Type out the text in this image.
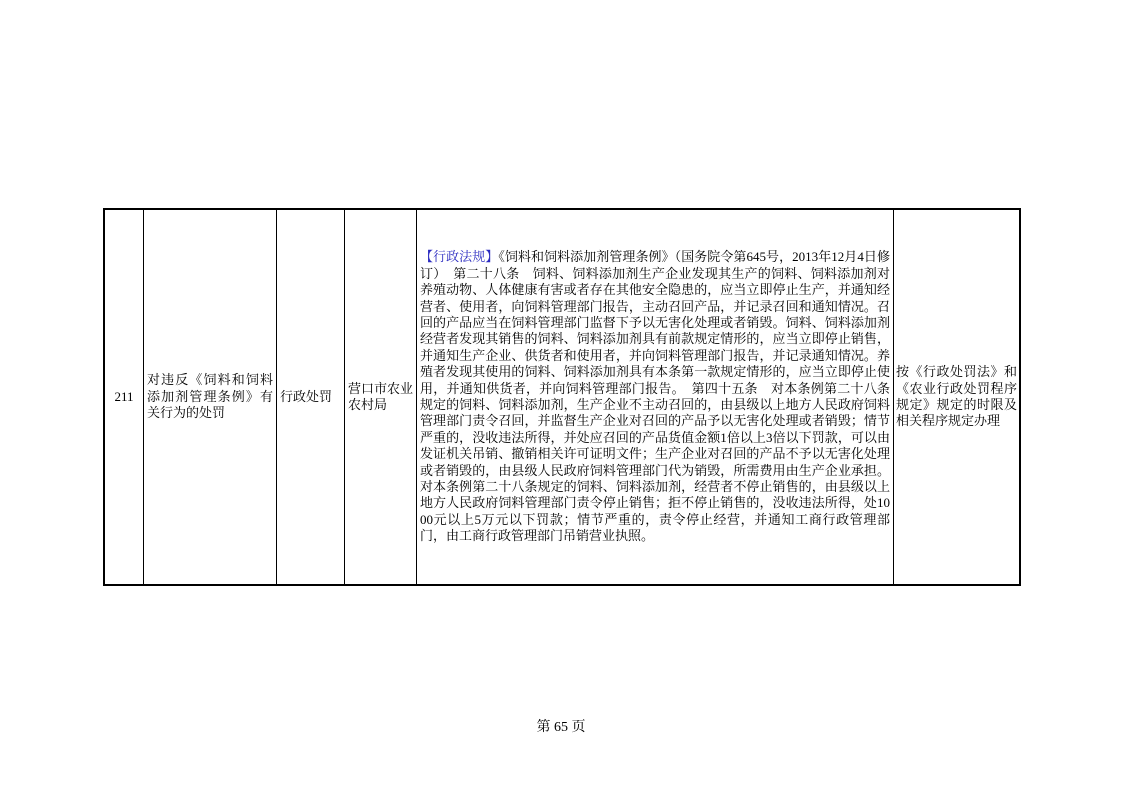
211
对违反《饲料和饲料添加剂管理条例》有关行为的处罚
行政处罚
营口市农业农村局

【行政法规】《饲料和饲料添加剂管理条例》（国务院令第645号，2013年12月4日修订）　第二十八条　饲料、饲料添加剂生产企业发现其生产的饲料、饲料添加剂对养殖动物、人体健康有害或者存在其他安全隐患的，应当立即停止生产，并通知经营者、使用者，向饲料管理部门报告，主动召回产品，并记录召回和通知情况。召回的产品应当在饲料管理部门监督下予以无害化处理或者销毁。饲料、饲料添加剂经营者发现其销售的饲料、饲料添加剂具有前款规定情形的，应当立即停止销售，并通知生产企业、供货者和使用者，并向饲料管理部门报告，并记录通知情况。养殖者发现其使用的饲料、饲料添加剂具有本条第一款规定情形的，应当立即停止使用，并通知供货者，并向饲料管理部门报告。　第四十五条　对本条例第二十八条规定的饲料、饲料添加剂，生产企业不主动召回的，由县级以上地方人民政府饲料管理部门责令召回，并监督生产企业对召回的产品予以无害化处理或者销毁；情节严重的，没收违法所得，并处应召回的产品货值金额1倍以上3倍以下罚款，可以由发证机关吊销、撤销相关许可证明文件；生产企业对召回的产品不予以无害化处理或者销毁的，由县级人民政府饲料管理部门代为销毁，所需费用由生产企业承担。对本条例第二十八条规定的饲料、饲料添加剂，经营者不停止销售的，由县级以上地方人民政府饲料管理部门责令停止销售；拒不停止销售的，没收违法所得，处1000元以上5万元以下罚款；情节严重的，责令停止经营，并通知工商行政管理部门，由工商行政管理部门吊销营业执照。

按《行政处罚法》和《农业行政处罚程序规定》规定的时限及相关程序规定办理
第 65 页
